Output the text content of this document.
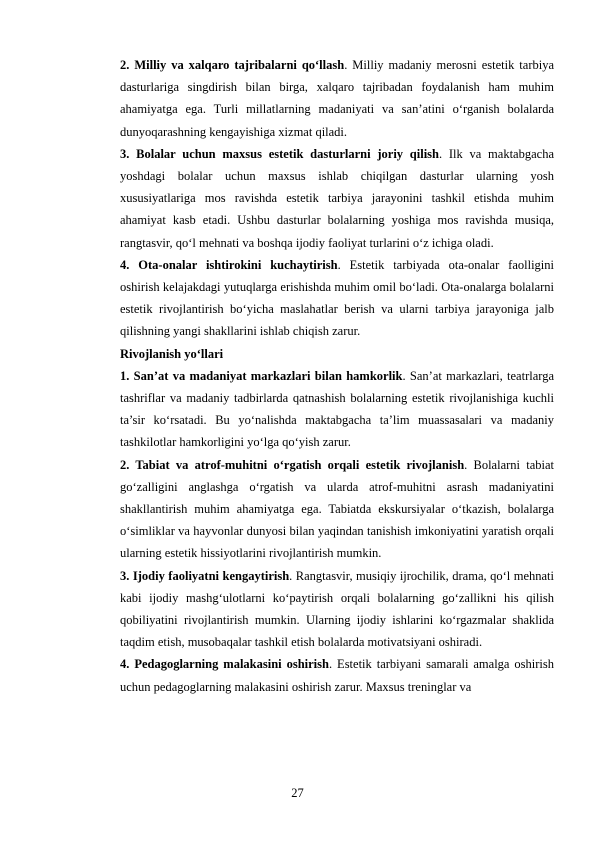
2. Milliy va xalqaro tajribalarni qo‘llash. Milliy madaniy merosni estetik tarbiya dasturlariga singdirish bilan birga, xalqaro tajribadan foydalanish ham muhim ahamiyatga ega. Turli millatlarning madaniyati va san’atini o‘rganish bolalarda dunyoqarashning kengayishiga xizmat qiladi.

3. Bolalar uchun maxsus estetik dasturlarni joriy qilish. Ilk va maktabgacha yoshdagi bolalar uchun maxsus ishlab chiqilgan dasturlar ularning yosh xususiyatlariga mos ravishda estetik tarbiya jarayonini tashkil etishda muhim ahamiyat kasb etadi. Ushbu dasturlar bolalarning yoshiga mos ravishda musiqa, rangtasvir, qo‘l mehnati va boshqa ijodiy faoliyat turlarini o‘z ichiga oladi.

4. Ota-onalar ishtirokini kuchaytirish. Estetik tarbiyada ota-onalar faolligini oshirish kelajakdagi yutuqlarga erishishda muhim omil bo‘ladi. Ota-onalarga bolalarni estetik rivojlantirish bo‘yicha maslahatlar berish va ularni tarbiya jarayoniga jalb qilishning yangi shakllarini ishlab chiqish zarur.

Rivojlanish yo‘llari

1. San’at va madaniyat markazlari bilan hamkorlik. San’at markazlari, teatrlarga tashriflar va madaniy tadbirlarda qatnashish bolalarning estetik rivojlanishiga kuchli ta’sir ko‘rsatadi. Bu yo‘nalishda maktabgacha ta’lim muassasalari va madaniy tashkilotlar hamkorligini yo‘lga qo‘yish zarur.

2. Tabiat va atrof-muhitni o‘rgatish orqali estetik rivojlanish. Bolalarni tabiat go‘zalligini anglashga o‘rgatish va ularda atrof-muhitni asrash madaniyatini shakllantirish muhim ahamiyatga ega. Tabiatda ekskursiyalar o‘tkazish, bolalarga o‘simliklar va hayvonlar dunyosi bilan yaqindan tanishish imkoniyatini yaratish orqali ularning estetik hissiyotlarini rivojlantirish mumkin.

3. Ijodiy faoliyatni kengaytirish. Rangtasvir, musiqiy ijrochilik, drama, qo‘l mehnati kabi ijodiy mashg‘ulotlarni ko‘paytirish orqali bolalarning go‘zallikni his qilish qobiliyatini rivojlantirish mumkin. Ularning ijodiy ishlarini ko‘rgazmalar shaklida taqdim etish, musobaqalar tashkil etish bolalarda motivatsiyani oshiradi.

4. Pedagoglarning malakasini oshirish. Estetik tarbiyani samarali amalga oshirish uchun pedagoglarning malakasini oshirish zarur. Maxsus treninglar va

27
